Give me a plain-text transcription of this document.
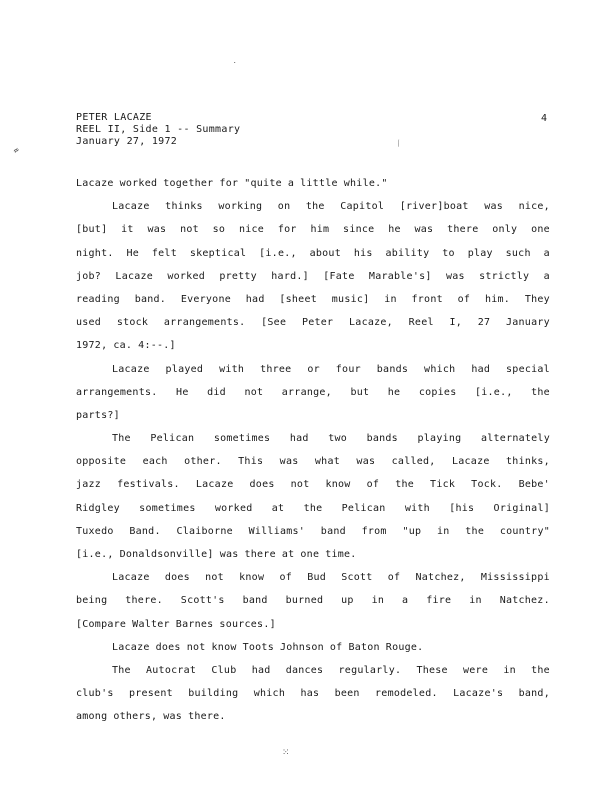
PETER LACAZE
REEL II, Side 1 -- Summary
January 27, 1972
4
≈
˙
⁄
⁙
Lacaze worked together for "quite a little while."
Lacaze thinks working on the Capitol [river]boat was nice,
[but] it was not so nice for him since he was there only one
night. He felt skeptical [i.e., about his ability to play such a
job? Lacaze worked pretty hard.] [Fate Marable's] was strictly a
reading band. Everyone had [sheet music] in front of him. They
used stock arrangements. [See Peter Lacaze, Reel I, 27 January
1972, ca. 4:--.]
Lacaze played with three or four bands which had special
arrangements. He did not arrange, but he copies [i.e., the
parts?]
The Pelican sometimes had two bands playing alternately
opposite each other. This was what was called, Lacaze thinks,
jazz festivals. Lacaze does not know of the Tick Tock. Bebe'
Ridgley sometimes worked at the Pelican with [his Original]
Tuxedo Band. Claiborne Williams' band from "up in the country"
[i.e., Donaldsonville] was there at one time.
Lacaze does not know of Bud Scott of Natchez, Mississippi
being there. Scott's band burned up in a fire in Natchez.
[Compare Walter Barnes sources.]
Lacaze does not know Toots Johnson of Baton Rouge.
The Autocrat Club had dances regularly. These were in the
club's present building which has been remodeled. Lacaze's band,
among others, was there.
